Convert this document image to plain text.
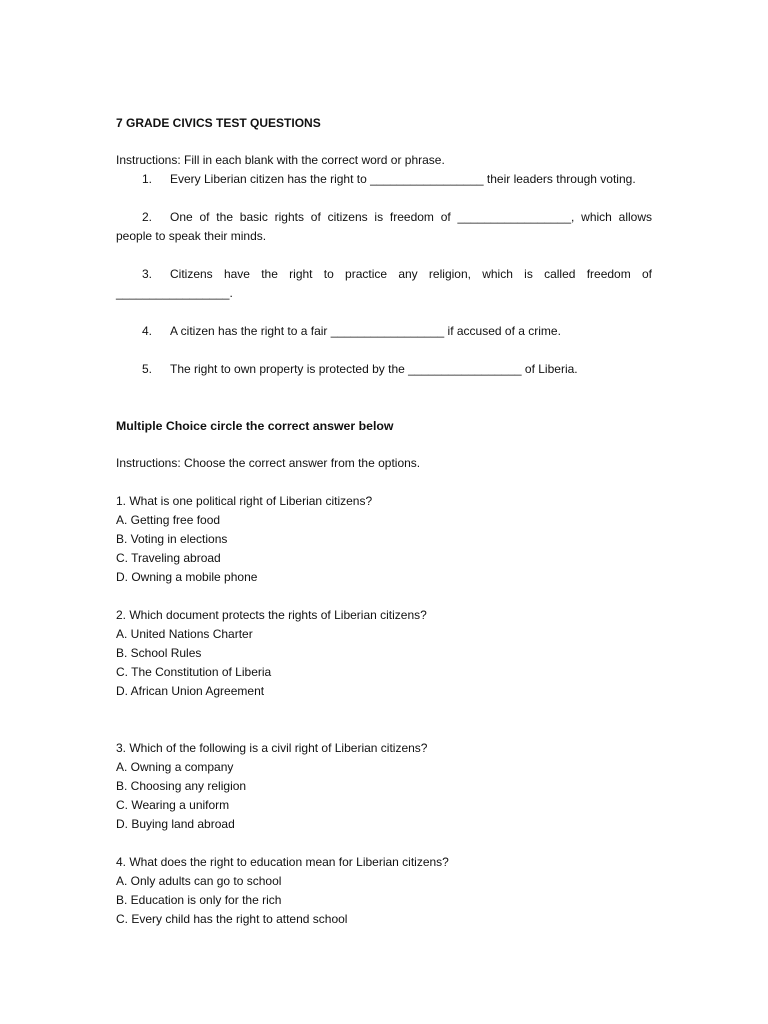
7 GRADE CIVICS TEST QUESTIONS
Instructions: Fill in each blank with the correct word or phrase.
1. Every Liberian citizen has the right to _________________ their leaders through voting.
2. One of the basic rights of citizens is freedom of _________________, which allows
people to speak their minds.
3. Citizens have the right to practice any religion, which is called freedom of
_________________.
4. A citizen has the right to a fair _________________ if accused of a crime.
5. The right to own property is protected by the _________________ of Liberia.
Multiple Choice circle the correct answer below
Instructions: Choose the correct answer from the options.
1. What is one political right of Liberian citizens?
A. Getting free food
B. Voting in elections
C. Traveling abroad
D. Owning a mobile phone
2. Which document protects the rights of Liberian citizens?
A. United Nations Charter
B. School Rules
C. The Constitution of Liberia
D. African Union Agreement
3. Which of the following is a civil right of Liberian citizens?
A. Owning a company
B. Choosing any religion
C. Wearing a uniform
D. Buying land abroad
4. What does the right to education mean for Liberian citizens?
A. Only adults can go to school
B. Education is only for the rich
C. Every child has the right to attend school
